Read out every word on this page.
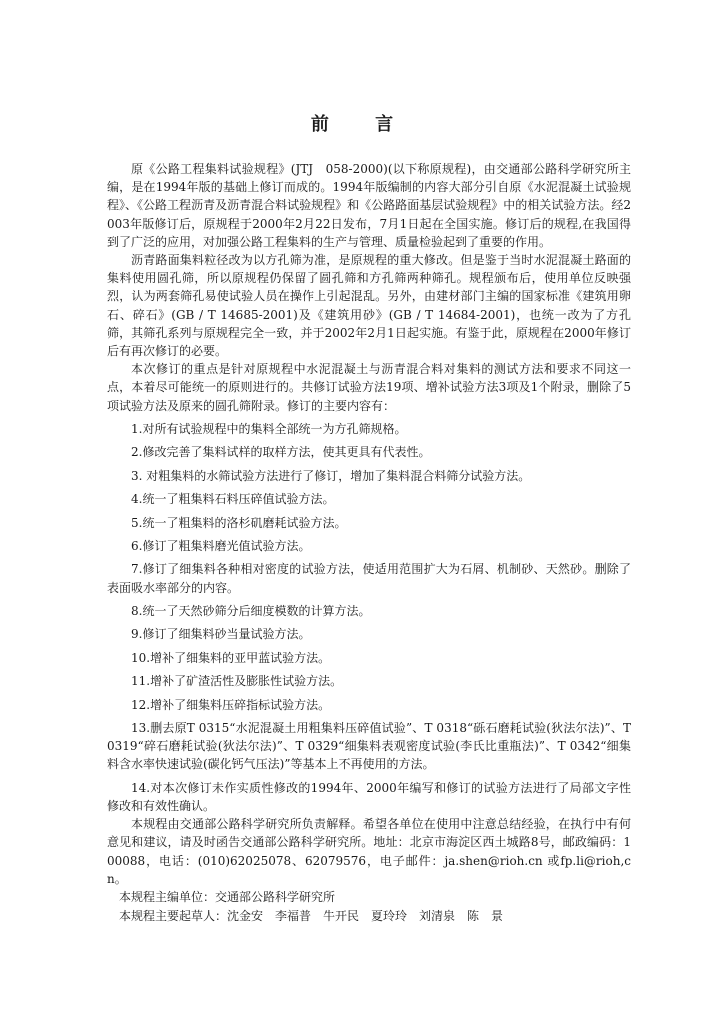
前 言

原《公路工程集料试验规程》(JTJ　058-2000)(以下称原规程)，由交通部公路科学研究所主编，是在1994年版的基础上修订而成的。1994年版编制的内容大部分引自原《水泥混凝土试验规程》、《公路工程沥青及沥青混合料试验规程》和《公路路面基层试验规程》中的相关试验方法。经2003年版修订后，原规程于2000年2月22日发布，7月1日起在全国实施。修订后的规程,在我国得到了广泛的应用，对加强公路工程集料的生产与管理、质量检验起到了重要的作用。

沥青路面集料粒径改为以方孔筛为准，是原规程的重大修改。但是鉴于当时水泥混凝土路面的集料使用圆孔筛，所以原规程仍保留了圆孔筛和方孔筛两种筛孔。规程颁布后，使用单位反映强烈，认为两套筛孔易使试验人员在操作上引起混乱。另外，由建材部门主编的国家标准《建筑用卵石、碎石》(GB / T 14685-2001)及《建筑用砂》(GB / T 14684-2001)，也统一改为了方孔筛，其筛孔系列与原规程完全一致，并于2002年2月1日起实施。有鉴于此，原规程在2000年修订后有再次修订的必要。

本次修订的重点是针对原规程中水泥混凝土与沥青混合料对集料的测试方法和要求不同这一点，本着尽可能统一的原则进行的。共修订试验方法19项、增补试验方法3项及1个附录，删除了5项试验方法及原来的圆孔筛附录。修订的主要内容有：

1.对所有试验规程中的集料全部统一为方孔筛规格。

2.修改完善了集料试样的取样方法，使其更具有代表性。

3. 对粗集料的水筛试验方法进行了修订，增加了集料混合料筛分试验方法。

4.统一了粗集料石料压碎值试验方法。

5.统一了粗集料的洛杉矶磨耗试验方法。

6.修订了粗集料磨光值试验方法。

7.修订了细集料各种相对密度的试验方法，使适用范围扩大为石屑、机制砂、天然砂。删除了表面吸水率部分的内容。

8.统一了天然砂筛分后细度模数的计算方法。

9.修订了细集料砂当量试验方法。

10.增补了细集料的亚甲蓝试验方法。

11.增补了矿渣活性及膨胀性试验方法。

12.增补了细集料压碎指标试验方法。

13.删去原T 0315“水泥混凝土用粗集料压碎值试验”、T 0318“砾石磨耗试验(狄法尔法)”、T 0319“碎石磨耗试验(狄法尔法)”、T 0329“细集料表观密度试验(李氏比重瓶法)”、T 0342“细集料含水率快速试验(碳化钙气压法)”等基本上不再使用的方法。

14.对本次修订未作实质性修改的1994年、2000年编写和修订的试验方法进行了局部文字性修改和有效性确认。

本规程由交通部公路科学研究所负责解释。希望各单位在使用中注意总结经验，在执行中有何意见和建议，请及时函告交通部公路科学研究所。地址：北京市海淀区西土城路8号，邮政编码：100088，电话：(010)62025078、62079576，电子邮件：ja.shen@rioh.cn 或fp.li@rioh,cn。

本规程主编单位：交通部公路科学研究所

本规程主要起草人：沈金安　李福普　牛开民　夏玲玲　刘清泉　陈　景
